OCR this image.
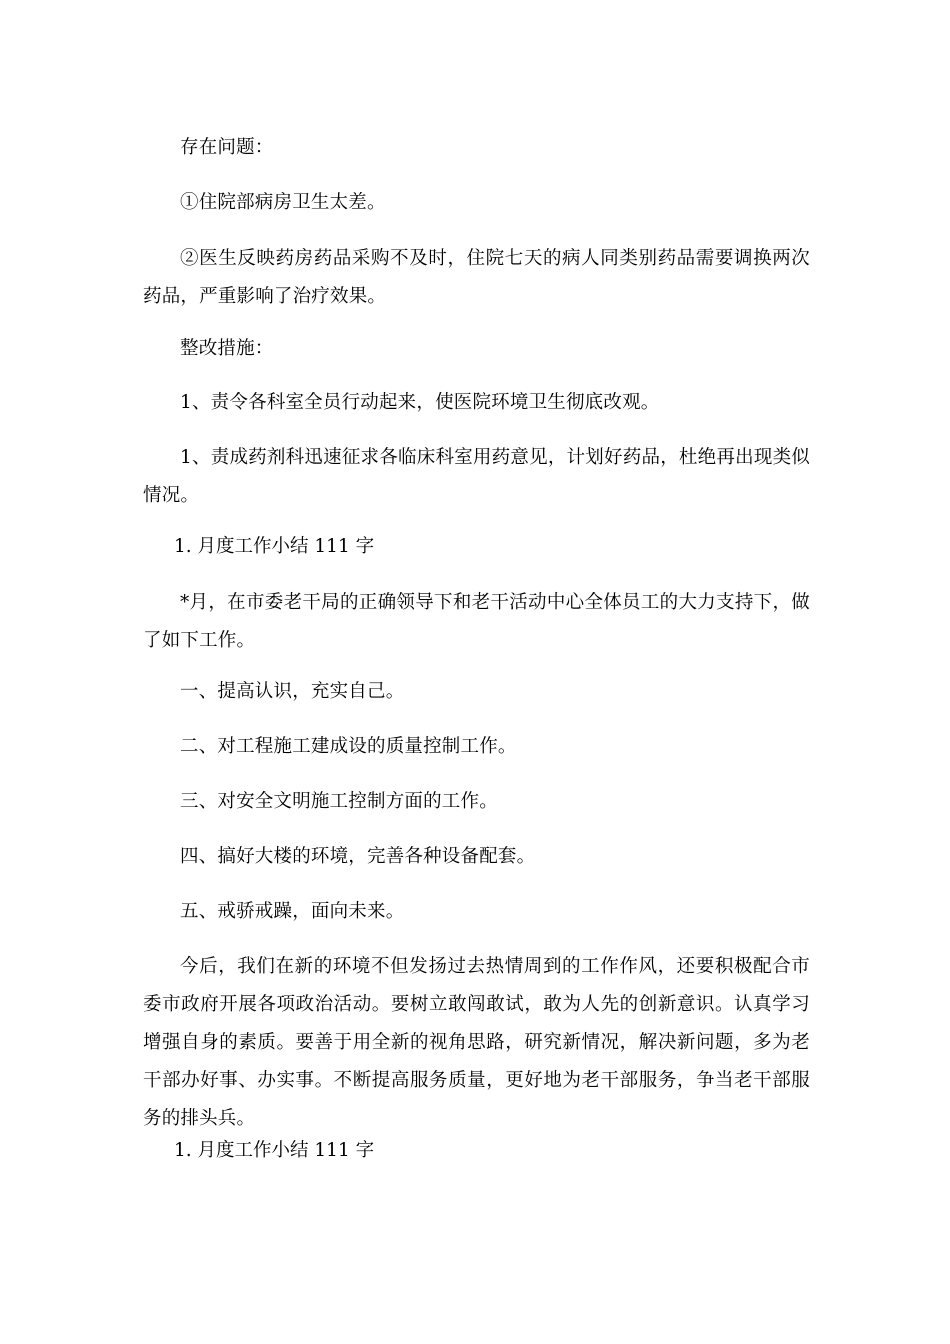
存在问题：

①住院部病房卫生太差。

②医生反映药房药品采购不及时，住院七天的病人同类别药品需要调换两次药品，严重影响了治疗效果。

整改措施：

1、责令各科室全员行动起来，使医院环境卫生彻底改观。

1、责成药剂科迅速征求各临床科室用药意见，计划好药品，杜绝再出现类似情况。

1. 月度工作小结 111 字

*月，在市委老干局的正确领导下和老干活动中心全体员工的大力支持下，做了如下工作。

一、提高认识，充实自己。

二、对工程施工建成设的质量控制工作。

三、对安全文明施工控制方面的工作。

四、搞好大楼的环境，完善各种设备配套。

五、戒骄戒躁，面向未来。

今后，我们在新的环境不但发扬过去热情周到的工作作风，还要积极配合市委市政府开展各项政治活动。要树立敢闯敢试，敢为人先的创新意识。认真学习增强自身的素质。要善于用全新的视角思路，研究新情况，解决新问题，多为老干部办好事、办实事。不断提高服务质量，更好地为老干部服务，争当老干部服务的排头兵。

1. 月度工作小结 111 字
